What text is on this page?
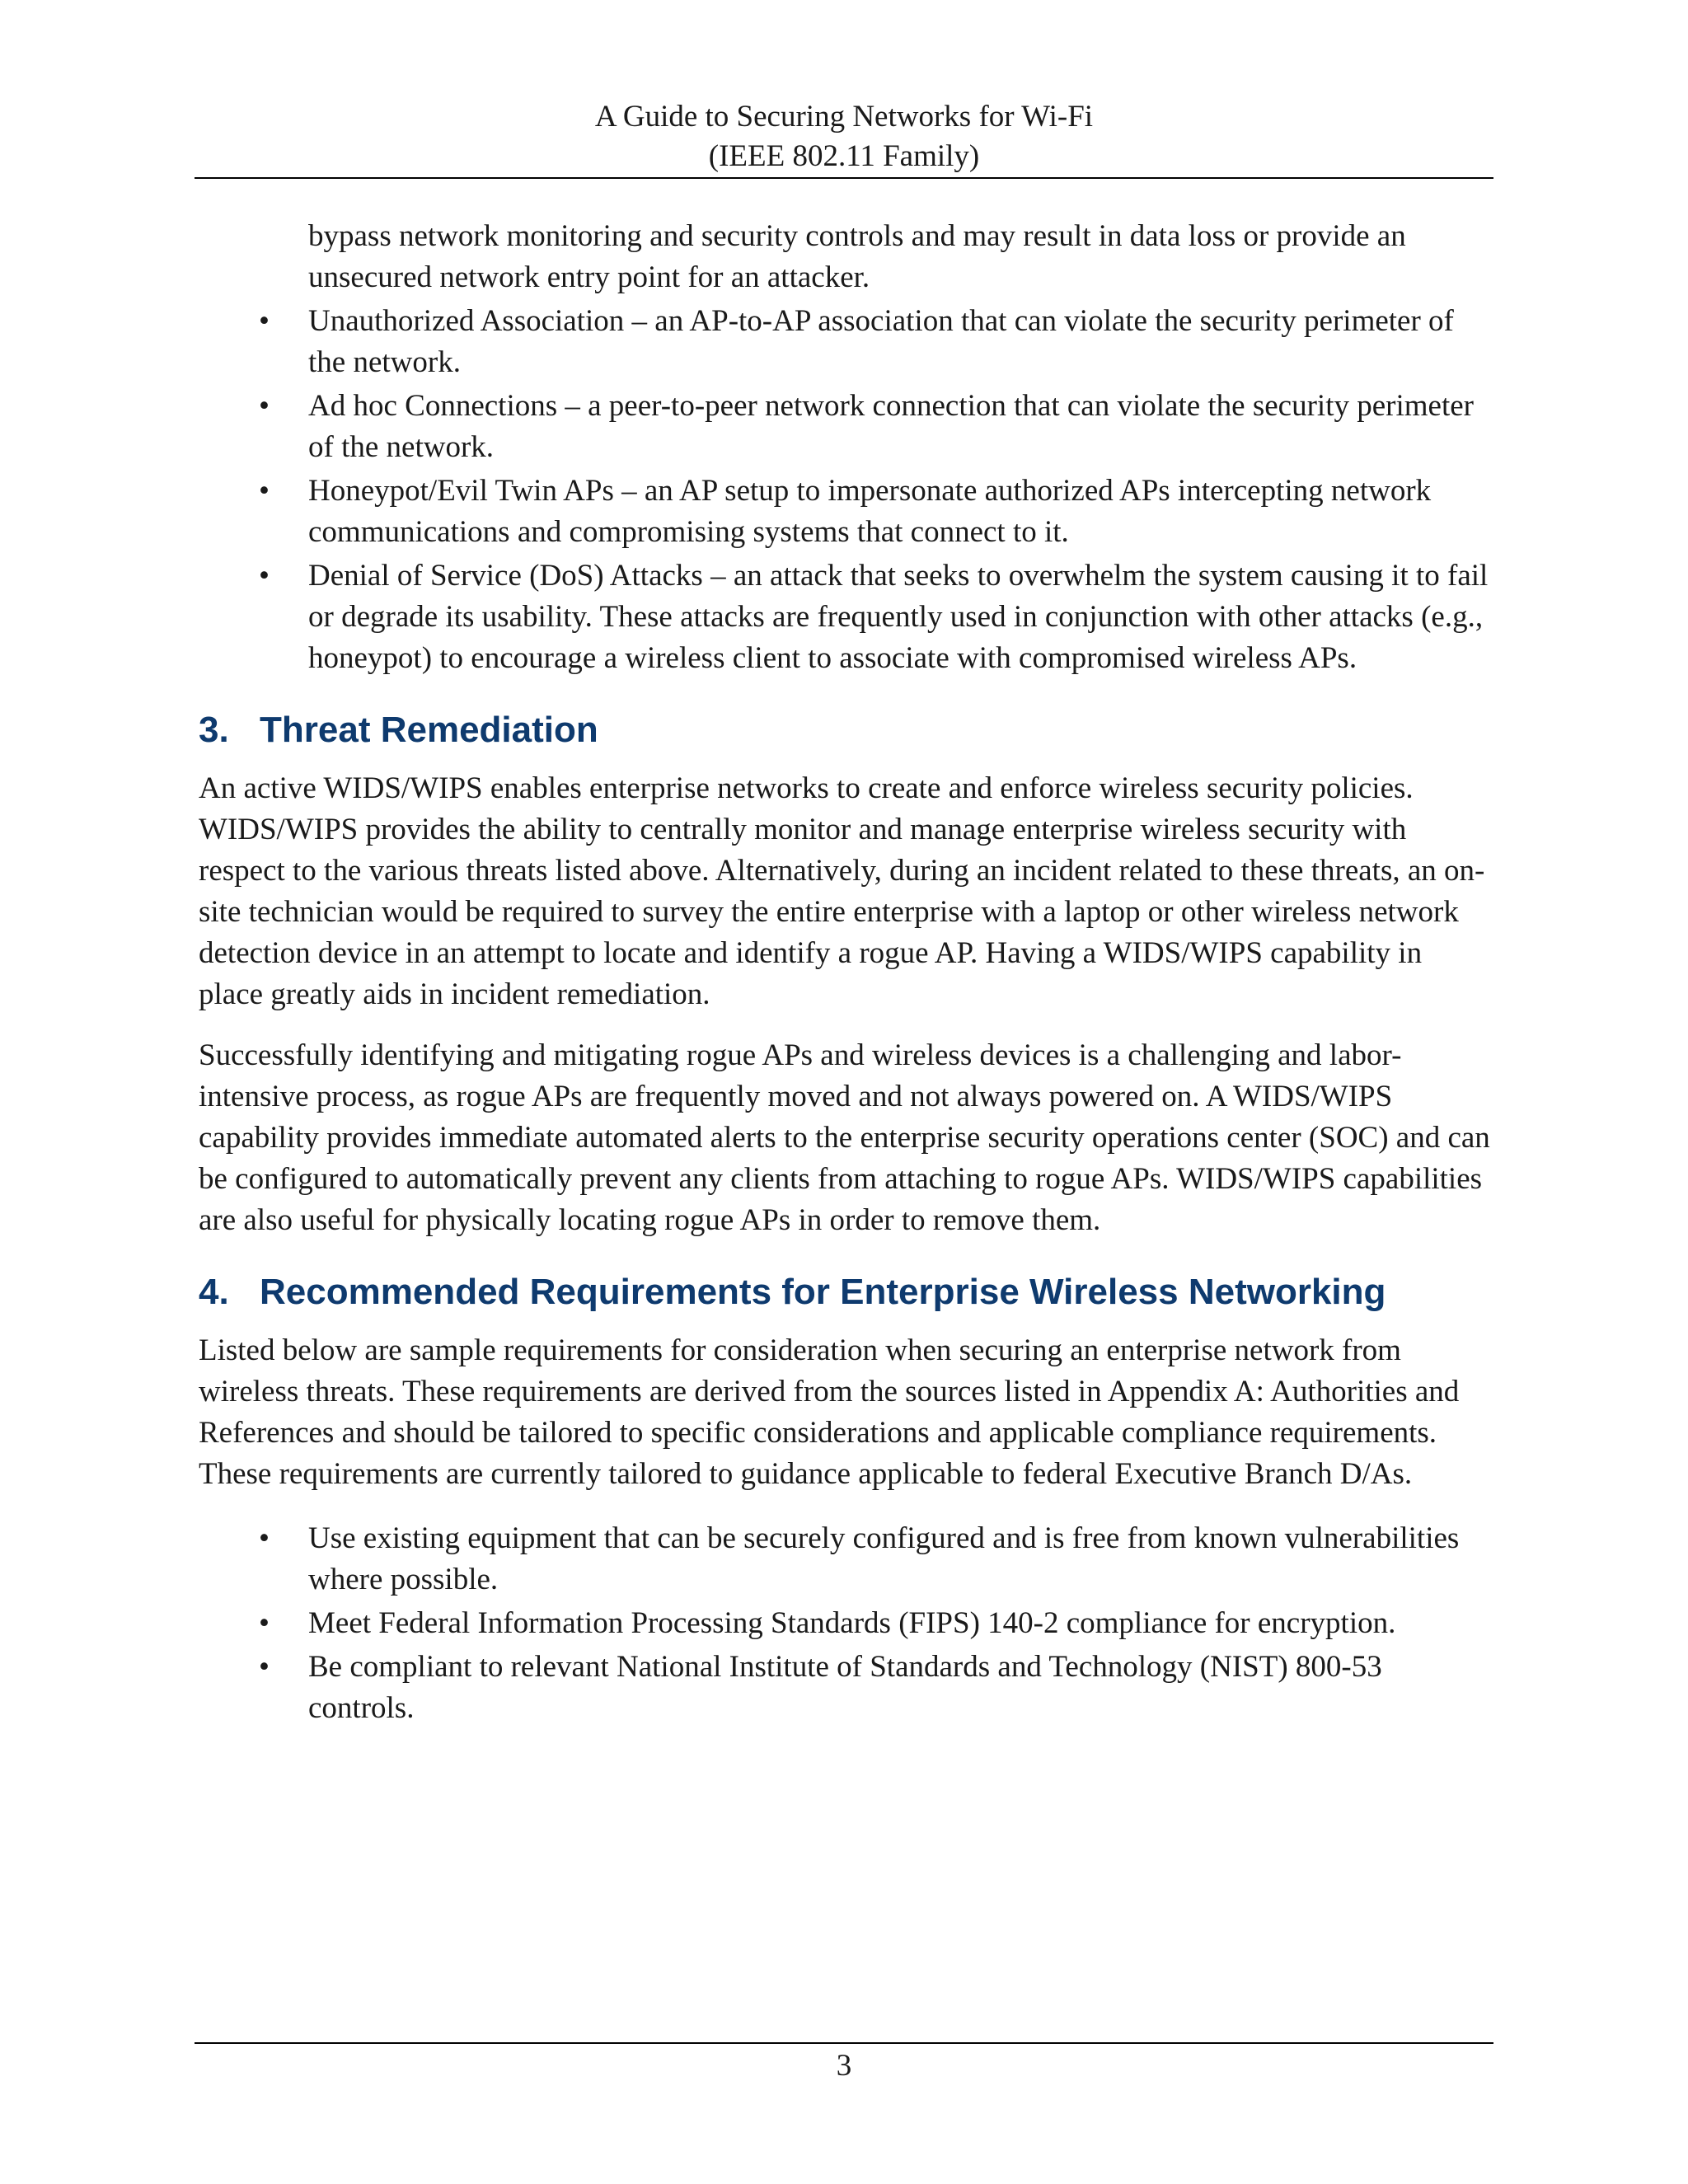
A Guide to Securing Networks for Wi-Fi
(IEEE 802.11 Family)
bypass network monitoring and security controls and may result in data loss or provide an unsecured network entry point for an attacker.
• Unauthorized Association – an AP-to-AP association that can violate the security perimeter of the network.
• Ad hoc Connections – a peer-to-peer network connection that can violate the security perimeter of the network.
• Honeypot/Evil Twin APs – an AP setup to impersonate authorized APs intercepting network communications and compromising systems that connect to it.
• Denial of Service (DoS) Attacks – an attack that seeks to overwhelm the system causing it to fail or degrade its usability. These attacks are frequently used in conjunction with other attacks (e.g., honeypot) to encourage a wireless client to associate with compromised wireless APs.
3. Threat Remediation

An active WIDS/WIPS enables enterprise networks to create and enforce wireless security policies. WIDS/WIPS provides the ability to centrally monitor and manage enterprise wireless security with respect to the various threats listed above. Alternatively, during an incident related to these threats, an on-site technician would be required to survey the entire enterprise with a laptop or other wireless network detection device in an attempt to locate and identify a rogue AP. Having a WIDS/WIPS capability in place greatly aids in incident remediation.

Successfully identifying and mitigating rogue APs and wireless devices is a challenging and labor-intensive process, as rogue APs are frequently moved and not always powered on. A WIDS/WIPS capability provides immediate automated alerts to the enterprise security operations center (SOC) and can be configured to automatically prevent any clients from attaching to rogue APs. WIDS/WIPS capabilities are also useful for physically locating rogue APs in order to remove them.

4. Recommended Requirements for Enterprise Wireless Networking

Listed below are sample requirements for consideration when securing an enterprise network from wireless threats. These requirements are derived from the sources listed in Appendix A: Authorities and References and should be tailored to specific considerations and applicable compliance requirements. These requirements are currently tailored to guidance applicable to federal Executive Branch D/As.

• Use existing equipment that can be securely configured and is free from known vulnerabilities where possible.
• Meet Federal Information Processing Standards (FIPS) 140-2 compliance for encryption.
• Be compliant to relevant National Institute of Standards and Technology (NIST) 800-53 controls.
3
